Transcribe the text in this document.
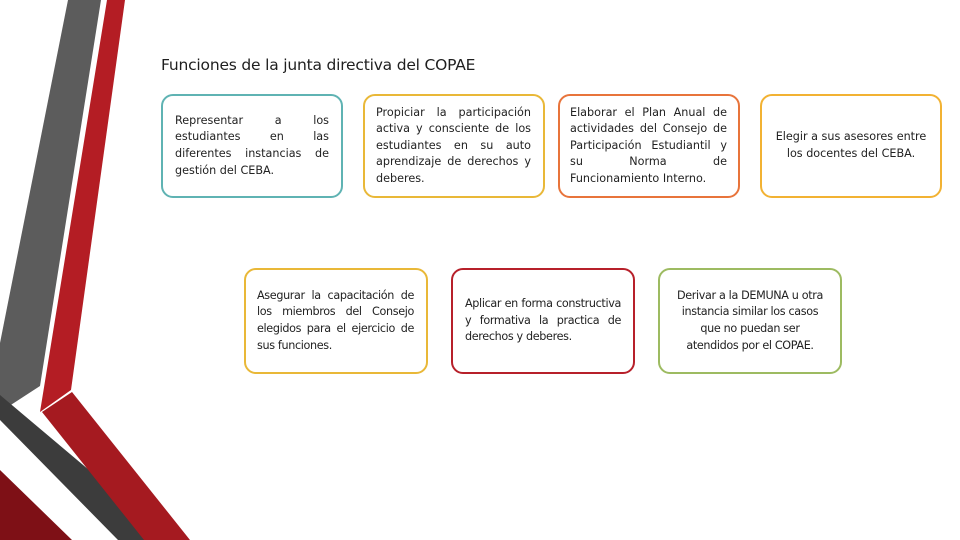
Funciones de la junta directiva del COPAE
Representar a los estudiantes en las diferentes instancias de gestión del CEBA.
Propiciar la participación activa y consciente de los estudiantes en su auto aprendizaje de derechos y deberes.
Elaborar el Plan Anual de actividades del Consejo de Participación Estudiantil y su Norma de Funcionamiento Interno.
Elegir a sus asesores entre los docentes del CEBA.
Asegurar la capacitación de los miembros del Consejo elegidos para el ejercicio de sus funciones.
Aplicar en forma constructiva y formativa la practica de derechos y deberes.
Derivar a la DEMUNA u otra instancia similar los casos que no puedan ser atendidos por el COPAE.
